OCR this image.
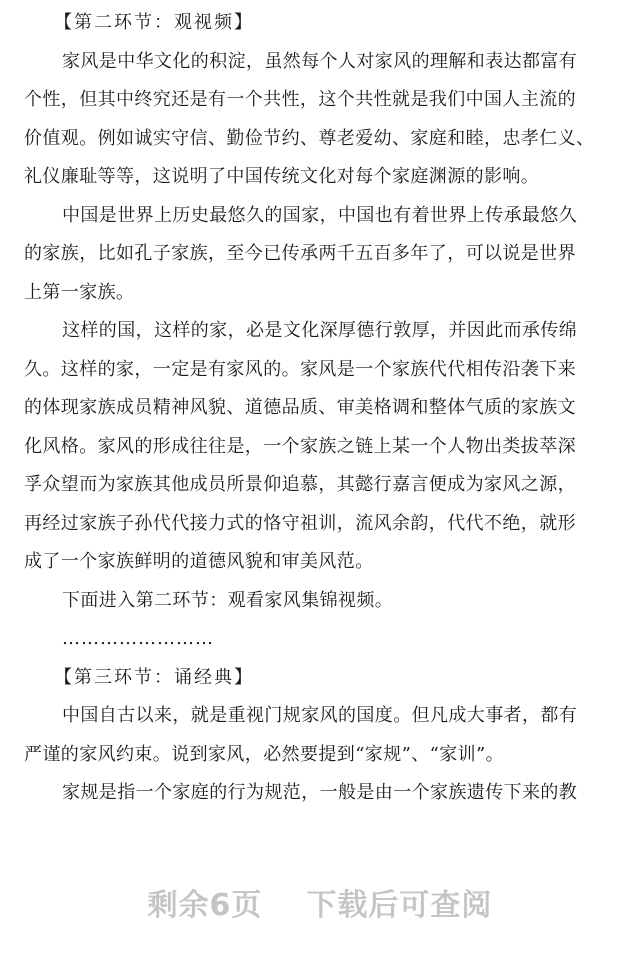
【第二环节：观视频】
家风是中华文化的积淀，虽然每个人对家风的理解和表达都富有
个性，但其中终究还是有一个共性，这个共性就是我们中国人主流的
价值观。例如诚实守信、勤俭节约、尊老爱幼、家庭和睦，忠孝仁义、
礼仪廉耻等等，这说明了中国传统文化对每个家庭渊源的影响。
中国是世界上历史最悠久的国家，中国也有着世界上传承最悠久
的家族，比如孔子家族，至今已传承两千五百多年了，可以说是世界
上第一家族。
这样的国，这样的家，必是文化深厚德行敦厚，并因此而承传绵
久。这样的家，一定是有家风的。家风是一个家族代代相传沿袭下来
的体现家族成员精神风貌、道德品质、审美格调和整体气质的家族文
化风格。家风的形成往往是，一个家族之链上某一个人物出类拔萃深
孚众望而为家族其他成员所景仰追慕，其懿行嘉言便成为家风之源，
再经过家族子孙代代接力式的恪守祖训，流风余韵，代代不绝，就形
成了一个家族鲜明的道德风貌和审美风范。
下面进入第二环节：观看家风集锦视频。
……………………
【第三环节：诵经典】
中国自古以来，就是重视门规家风的国度。但凡成大事者，都有
严谨的家风约束。说到家风，必然要提到“家规”、“家训”。
家规是指一个家庭的行为规范，一般是由一个家族遗传下来的教
剩余6页 下载后可查阅
